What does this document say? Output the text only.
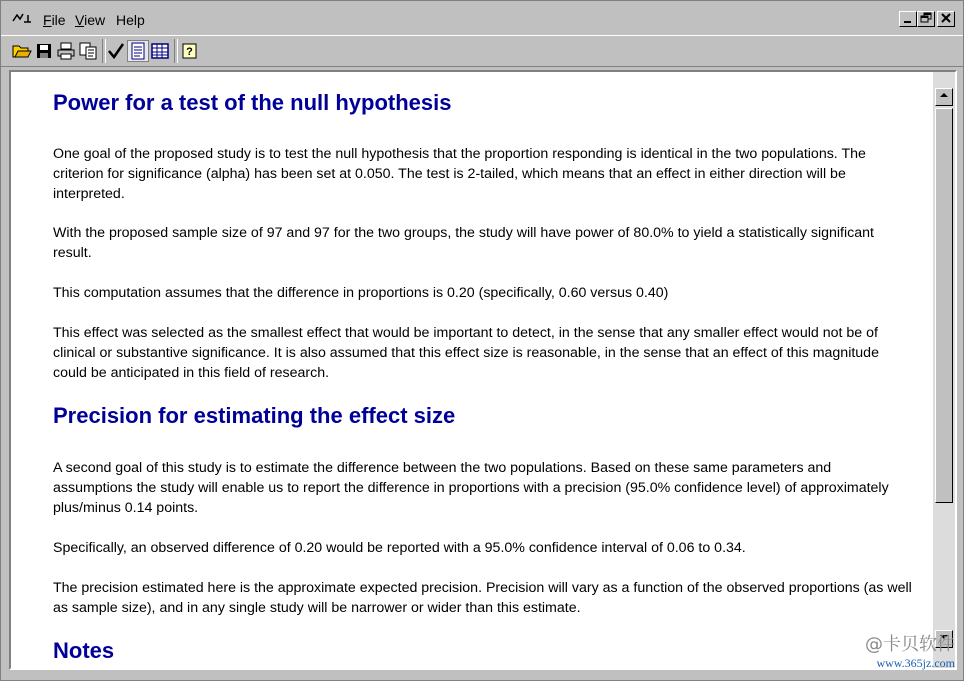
File View Help
?
Power for a test of the null hypothesis

One goal of the proposed study is to test the null hypothesis that the proportion responding is identical in the two populations. The criterion for significance (alpha) has been set at 0.050. The test is 2-tailed, which means that an effect in either direction will be interpreted.

With the proposed sample size of 97 and 97 for the two groups, the study will have power of 80.0% to yield a statistically significant result.

This computation assumes that the difference in proportions is 0.20 (specifically, 0.60 versus 0.40)

This effect was selected as the smallest effect that would be important to detect, in the sense that any smaller effect would not be of clinical or substantive significance. It is also assumed that this effect size is reasonable, in the sense that an effect of this magnitude could be anticipated in this field of research.

Precision for estimating the effect size

A second goal of this study is to estimate the difference between the two populations. Based on these same parameters and assumptions the study will enable us to report the difference in proportions with a precision (95.0% confidence level) of approximately plus/minus 0.14 points.

Specifically, an observed difference of 0.20 would be reported with a 95.0% confidence interval of 0.06 to 0.34.

The precision estimated here is the approximate expected precision. Precision will vary as a function of the observed proportions (as well as sample size), and in any single study will be narrower or wider than this estimate.

Notes	@卡贝软件
www.365jz.com
